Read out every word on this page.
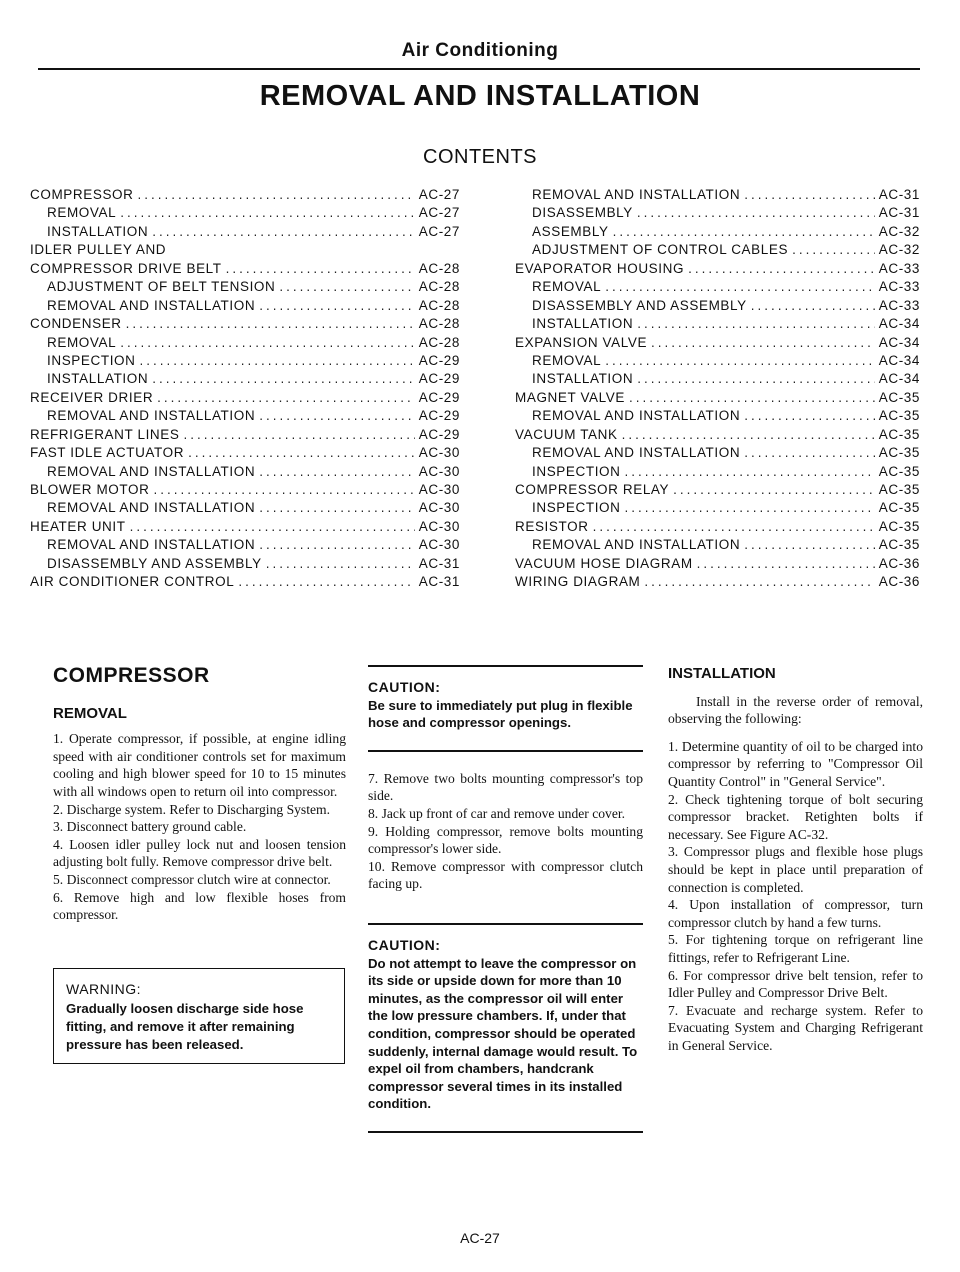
Air Conditioning
REMOVAL AND INSTALLATION
CONTENTS
COMPRESSOR .....	AC-27
REMOVAL .....	AC-27
INSTALLATION .....	AC-27
IDLER PULLEY AND
COMPRESSOR DRIVE BELT .....	AC-28
ADJUSTMENT OF BELT TENSION .....	AC-28
REMOVAL AND INSTALLATION .....	AC-28
CONDENSER .....	AC-28
REMOVAL .....	AC-28
INSPECTION .....	AC-29
INSTALLATION .....	AC-29
RECEIVER DRIER .....	AC-29
REMOVAL AND INSTALLATION .....	AC-29
REFRIGERANT LINES .....	AC-29
FAST IDLE ACTUATOR .....	AC-30
REMOVAL AND INSTALLATION .....	AC-30
BLOWER MOTOR .....	AC-30
REMOVAL AND INSTALLATION .....	AC-30
HEATER UNIT .....	AC-30
REMOVAL AND INSTALLATION .....	AC-30
DISASSEMBLY AND ASSEMBLY .....	AC-31
AIR CONDITIONER CONTROL .....	AC-31
REMOVAL AND INSTALLATION .....	AC-31
DISASSEMBLY .....	AC-31
ASSEMBLY .....	AC-32
ADJUSTMENT OF CONTROL CABLES .....	AC-32
EVAPORATOR HOUSING .....	AC-33
REMOVAL .....	AC-33
DISASSEMBLY AND ASSEMBLY .....	AC-33
INSTALLATION .....	AC-34
EXPANSION VALVE .....	AC-34
REMOVAL .....	AC-34
INSTALLATION .....	AC-34
MAGNET VALVE .....	AC-35
REMOVAL AND INSTALLATION .....	AC-35
VACUUM TANK .....	AC-35
REMOVAL AND INSTALLATION .....	AC-35
INSPECTION .....	AC-35
COMPRESSOR RELAY .....	AC-35
INSPECTION .....	AC-35
RESISTOR .....	AC-35
REMOVAL AND INSTALLATION .....	AC-35
VACUUM HOSE DIAGRAM .....	AC-36
WIRING DIAGRAM .....	AC-36
COMPRESSOR
REMOVAL
1. Operate compressor, if possible, at engine idling speed with air conditioner controls set for maximum cooling and high blower speed for 10 to 15 minutes with all windows open to return oil into compressor.
2. Discharge system. Refer to Discharging System.
3. Disconnect battery ground cable.
4. Loosen idler pulley lock nut and loosen tension adjusting bolt fully. Remove compressor drive belt.
5. Disconnect compressor clutch wire at connector.
6. Remove high and low flexible hoses from compressor.
WARNING:
Gradually loosen discharge side hose fitting, and remove it after remaining pressure has been released.
CAUTION:
Be sure to immediately put plug in flexible hose and compressor openings.
7. Remove two bolts mounting compressor's top side.
8. Jack up front of car and remove under cover.
9. Holding compressor, remove bolts mounting compressor's lower side.
10. Remove compressor with compressor clutch facing up.
CAUTION:
Do not attempt to leave the compressor on its side or upside down for more than 10 minutes, as the compressor oil will enter the low pressure chambers. If, under that condition, compressor should be operated suddenly, internal damage would result. To expel oil from chambers, handcrank compressor several times in its installed condition.
INSTALLATION
Install in the reverse order of removal, observing the following:
1. Determine quantity of oil to be charged into compressor by referring to "Compressor Oil Quantity Control" in "General Service".
2. Check tightening torque of bolt securing compressor bracket. Retighten bolts if necessary. See Figure AC-32.
3. Compressor plugs and flexible hose plugs should be kept in place until preparation of connection is completed.
4. Upon installation of compressor, turn compressor clutch by hand a few turns.
5. For tightening torque on refrigerant line fittings, refer to Refrigerant Line.
6. For compressor drive belt tension, refer to Idler Pulley and Compressor Drive Belt.
7. Evacuate and recharge system. Refer to Evacuating System and Charging Refrigerant in General Service.
AC-27
